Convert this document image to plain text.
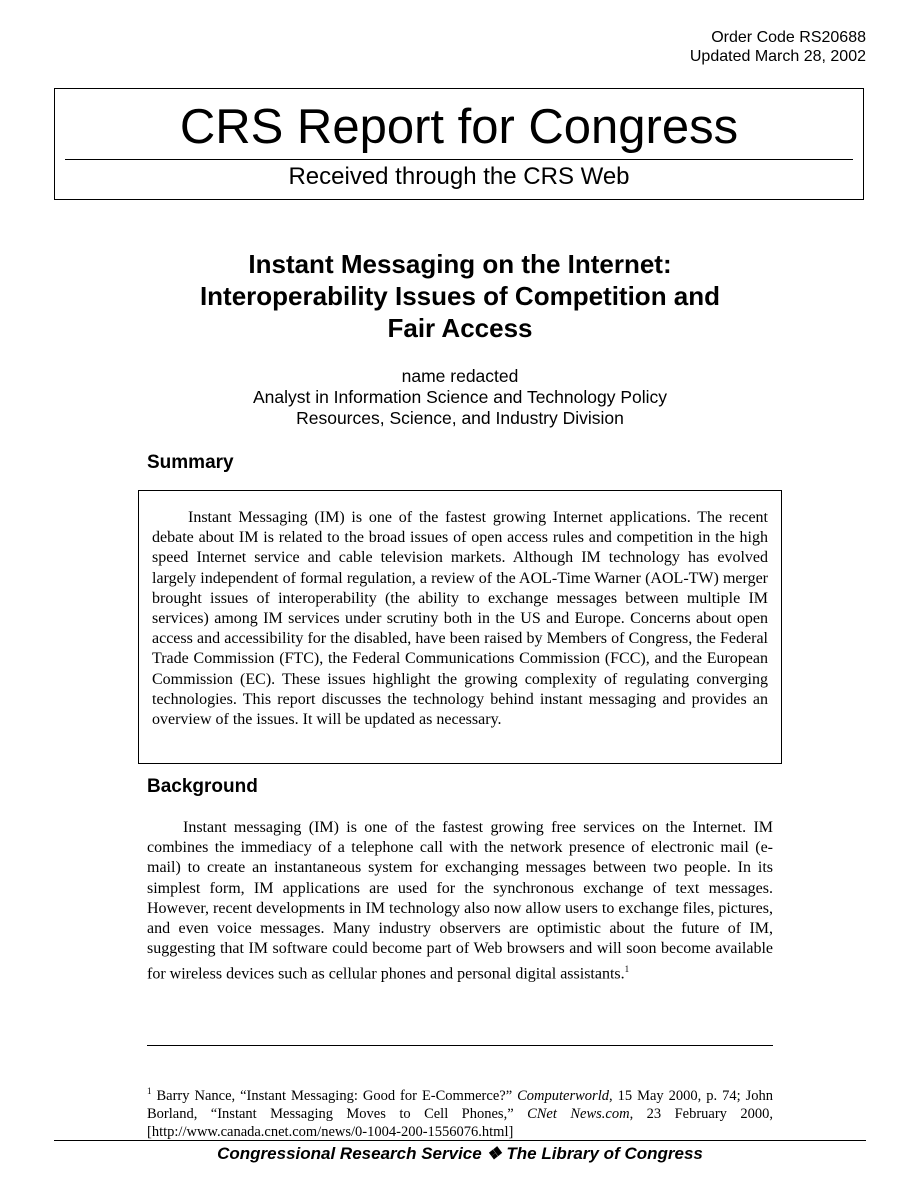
Order Code RS20688
Updated March 28, 2002
CRS Report for Congress
Received through the CRS Web
Instant Messaging on the Internet:
Interoperability Issues of Competition and
Fair Access
name redacted
Analyst in Information Science and Technology Policy
Resources, Science, and Industry Division
Summary

Instant Messaging (IM) is one of the fastest growing Internet applications. The recent debate about IM is related to the broad issues of open access rules and competition in the high speed Internet service and cable television markets. Although IM technology has evolved largely independent of formal regulation, a review of the AOL-Time Warner (AOL-TW) merger brought issues of interoperability (the ability to exchange messages between multiple IM services) among IM services under scrutiny both in the US and Europe. Concerns about open access and accessibility for the disabled, have been raised by Members of Congress, the Federal Trade Commission (FTC), the Federal Communications Commission (FCC), and the European Commission (EC). These issues highlight the growing complexity of regulating converging technologies. This report discusses the technology behind instant messaging and provides an overview of the issues. It will be updated as necessary.

Background

Instant messaging (IM) is one of the fastest growing free services on the Internet. IM combines the immediacy of a telephone call with the network presence of electronic mail (e-mail) to create an instantaneous system for exchanging messages between two people. In its simplest form, IM applications are used for the synchronous exchange of text messages. However, recent developments in IM technology also now allow users to exchange files, pictures, and even voice messages. Many industry observers are optimistic about the future of IM, suggesting that IM software could become part of Web browsers and will soon become available for wireless devices such as cellular phones and personal digital assistants.$^1$

$^1$ Barry Nance, “Instant Messaging: Good for E-Commerce?” Computerworld, 15 May 2000, p. 74; John Borland, “Instant Messaging Moves to Cell Phones,” CNet News.com, 23 February 2000, [http://www.canada.cnet.com/news/0-1004-200-1556076.html]

Congressional Research Service ❖ The Library of Congress
